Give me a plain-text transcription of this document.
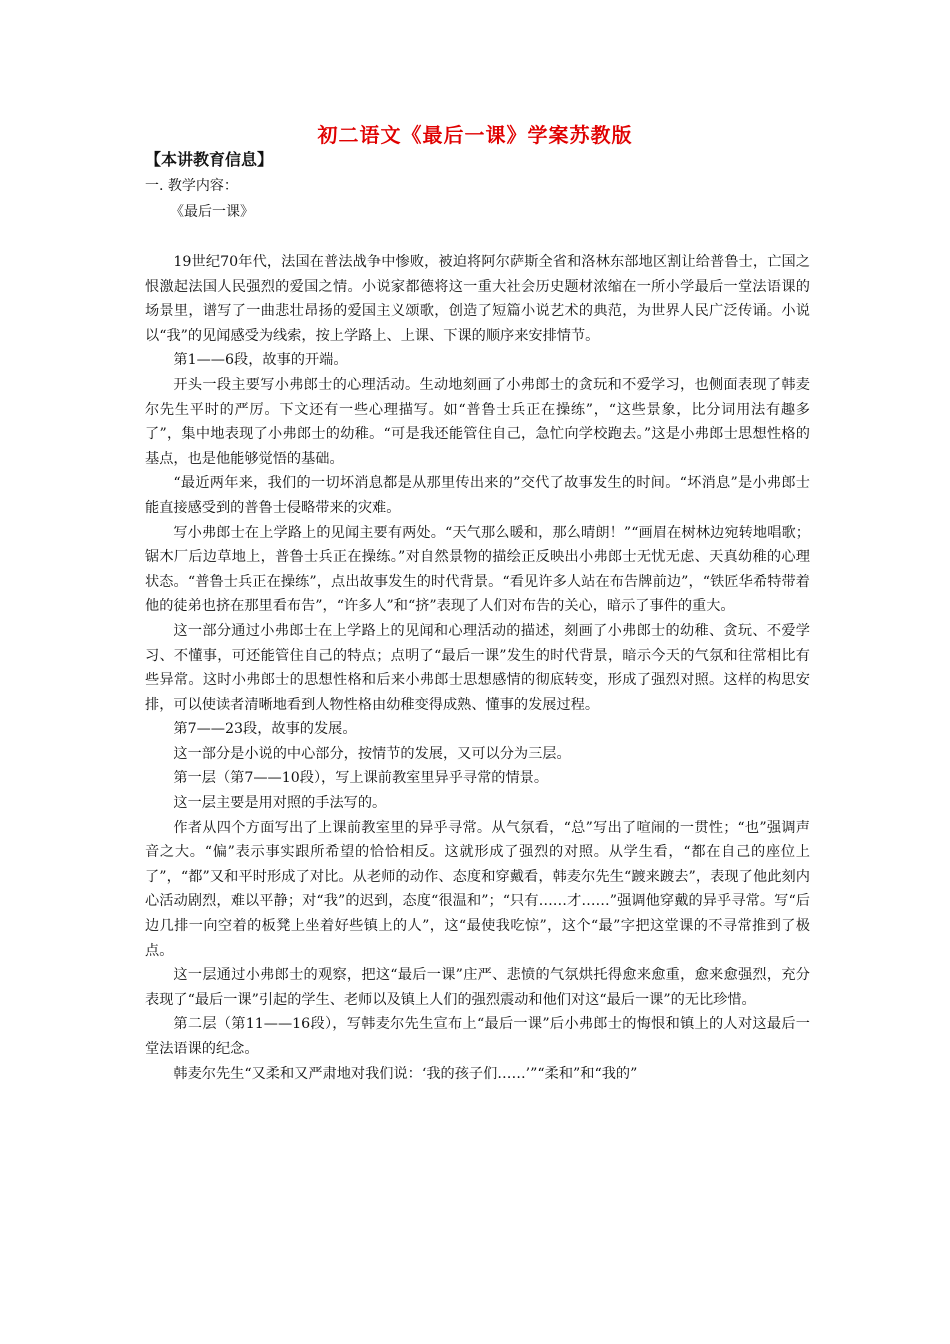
初二语文《最后一课》学案苏教版
【本讲教育信息】
一. 教学内容：
《最后一课》

19世纪70年代，法国在普法战争中惨败，被迫将阿尔萨斯全省和洛林东部地区割让给普鲁士，亡国之恨激起法国人民强烈的爱国之情。小说家都德将这一重大社会历史题材浓缩在一所小学最后一堂法语课的场景里，谱写了一曲悲壮昂扬的爱国主义颂歌，创造了短篇小说艺术的典范，为世界人民广泛传诵。小说以“我”的见闻感受为线索，按上学路上、上课、下课的顺序来安排情节。

第1——6段，故事的开端。

开头一段主要写小弗郎士的心理活动。生动地刻画了小弗郎士的贪玩和不爱学习，也侧面表现了韩麦尔先生平时的严厉。下文还有一些心理描写。如“普鲁士兵正在操练”，“这些景象，比分词用法有趣多了”，集中地表现了小弗郎士的幼稚。“可是我还能管住自己，急忙向学校跑去。”这是小弗郎士思想性格的基点，也是他能够觉悟的基础。

“最近两年来，我们的一切坏消息都是从那里传出来的”交代了故事发生的时间。“坏消息”是小弗郎士能直接感受到的普鲁士侵略带来的灾难。

写小弗郎士在上学路上的见闻主要有两处。“天气那么暖和，那么晴朗！”“画眉在树林边宛转地唱歌；锯木厂后边草地上，普鲁士兵正在操练。”对自然景物的描绘正反映出小弗郎士无忧无虑、天真幼稚的心理状态。“普鲁士兵正在操练”，点出故事发生的时代背景。“看见许多人站在布告牌前边”，“铁匠华希特带着他的徒弟也挤在那里看布告”，“许多人”和“挤”表现了人们对布告的关心，暗示了事件的重大。

这一部分通过小弗郎士在上学路上的见闻和心理活动的描述，刻画了小弗郎士的幼稚、贪玩、不爱学习、不懂事，可还能管住自己的特点；点明了“最后一课”发生的时代背景，暗示今天的气氛和往常相比有些异常。这时小弗郎士的思想性格和后来小弗郎士思想感情的彻底转变，形成了强烈对照。这样的构思安排，可以使读者清晰地看到人物性格由幼稚变得成熟、懂事的发展过程。

第7——23段，故事的发展。

这一部分是小说的中心部分，按情节的发展，又可以分为三层。

第一层（第7——10段），写上课前教室里异乎寻常的情景。

这一层主要是用对照的手法写的。

作者从四个方面写出了上课前教室里的异乎寻常。从气氛看，“总”写出了喧闹的一贯性；“也”强调声音之大。“偏”表示事实跟所希望的恰恰相反。这就形成了强烈的对照。从学生看，“都在自己的座位上了”，“都”又和平时形成了对比。从老师的动作、态度和穿戴看，韩麦尔先生“踱来踱去”，表现了他此刻内心活动剧烈，难以平静；对“我”的迟到，态度“很温和”；“只有……才……”强调他穿戴的异乎寻常。写“后边几排一向空着的板凳上坐着好些镇上的人”，这“最使我吃惊”，这个“最”字把这堂课的不寻常推到了极点。

这一层通过小弗郎士的观察，把这“最后一课”庄严、悲愤的气氛烘托得愈来愈重，愈来愈强烈，充分表现了“最后一课”引起的学生、老师以及镇上人们的强烈震动和他们对这“最后一课”的无比珍惜。

第二层（第11——16段），写韩麦尔先生宣布上“最后一课”后小弗郎士的悔恨和镇上的人对这最后一堂法语课的纪念。

韩麦尔先生“又柔和又严肃地对我们说：‘我的孩子们……’”“柔和”和“我的”
